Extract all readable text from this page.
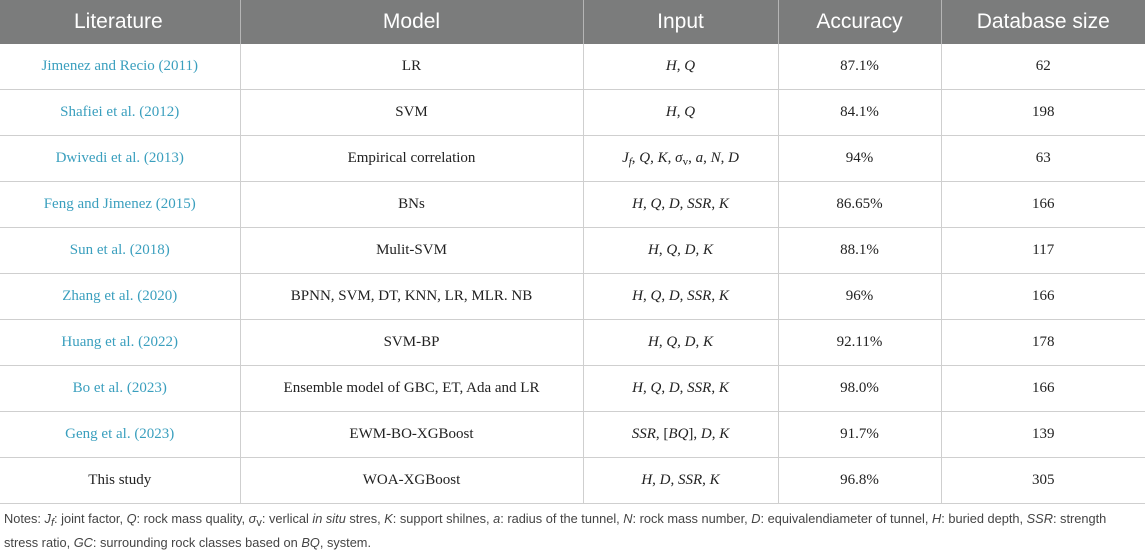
Literature	Model	Input	Accuracy	Database size
Jimenez and Recio (2011)	LR	H, Q	87.1%	62
Shafiei et al. (2012)	SVM	H, Q	84.1%	198
Dwivedi et al. (2013)	Empirical correlation	$J_f$, Q, K, $\sigma_v$, a, N, D	94%	63
Feng and Jimenez (2015)	BNs	H, Q, D, SSR, K	86.65%	166
Sun et al. (2018)	Mulit-SVM	H, Q, D, K	88.1%	117
Zhang et al. (2020)	BPNN, SVM, DT, KNN, LR, MLR. NB	H, Q, D, SSR, K	96%	166
Huang et al. (2022)	SVM-BP	H, Q, D, K	92.11%	178
Bo et al. (2023)	Ensemble model of GBC, ET, Ada and LR	H, Q, D, SSR, K	98.0%	166
Geng et al. (2023)	EWM-BO-XGBoost	SSR, [BQ], D, K	91.7%	139
This study	WOA-XGBoost	H, D, SSR, K	96.8%	305
Notes: $J_f$: joint factor, Q: rock mass quality, $\sigma_v$: verlical in situ stres, K: support shilnes, a: radius of the tunnel, N: rock mass number, D: equivalendiameter of tunnel, H: buried depth, SSR: strength stress ratio, GC: surrounding rock classes based on BQ, system.
